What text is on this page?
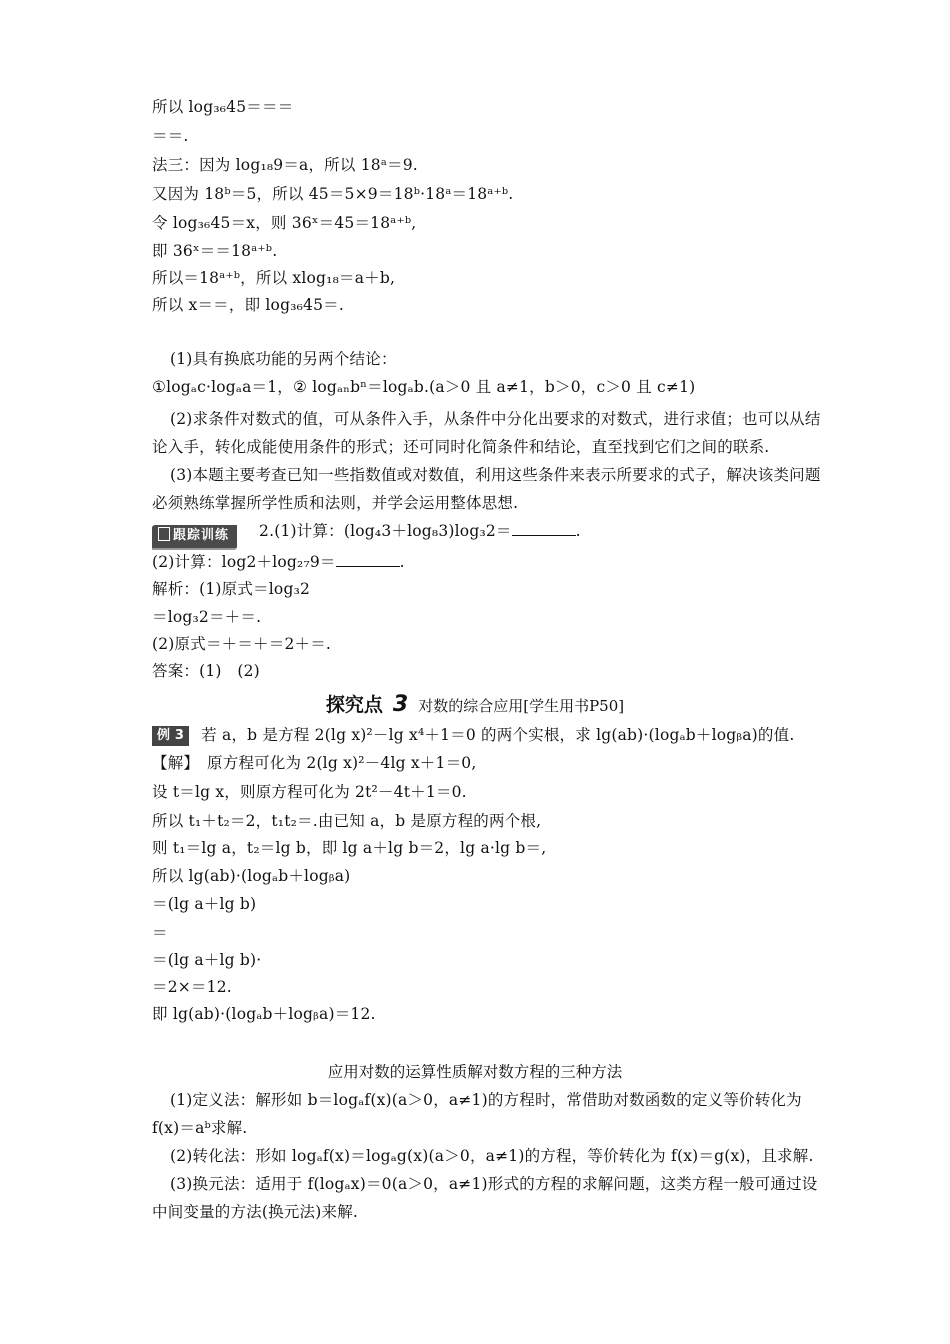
所以 log₃₆45＝＝＝
＝＝.
法三：因为 log₁₈9＝a，所以 18ᵃ＝9.
又因为 18ᵇ＝5，所以 45＝5×9＝18ᵇ·18ᵃ＝18ᵃ⁺ᵇ.
令 log₃₆45＝x，则 36ˣ＝45＝18ᵃ⁺ᵇ,
即 36ˣ＝＝18ᵃ⁺ᵇ.
所以＝18ᵃ⁺ᵇ，所以 xlog₁₈＝a＋b,
所以 x＝＝，即 log₃₆45＝.
(1)具有换底功能的另两个结论：
①logₐc·logₐa＝1，② logₐₙbⁿ＝logₐb.(a＞0 且 a≠1，b＞0，c＞0 且 c≠1)
(2)求条件对数式的值，可从条件入手，从条件中分化出要求的对数式，进行求值；也可以从结论入手，转化成能使用条件的形式；还可同时化简条件和结论，直至找到它们之间的联系.
(3)本题主要考查已知一些指数值或对数值，利用这些条件来表示所要求的式子，解决该类问题必须熟练掌握所学性质和法则，并学会运用整体思想.
跟踪训练 2.(1)计算：(log₄3＋log₈3)log₃2＝	.
(2)计算：log2＋log₂₇9＝	.
解析：(1)原式＝log₃2
＝log₃2＝＋＝.
(2)原式＝＋＝＋＝2＋＝.
答案：(1)　(2)
探究点 3 对数的综合应用[学生用书P50]
例 3 若 a，b 是方程 2(lg x)²－lg x⁴＋1＝0 的两个实根，求 lg(ab)·(logₐb＋logᵦa)的值.
【解】　原方程可化为 2(lg x)²－4lg x＋1＝0,
设 t＝lg x，则原方程可化为 2t²－4t＋1＝0.
所以 t₁＋t₂＝2，t₁t₂＝.由已知 a，b 是原方程的两个根,
则 t₁＝lg a，t₂＝lg b，即 lg a＋lg b＝2，lg a·lg b＝,
所以 lg(ab)·(logₐb＋logᵦa)
＝(lg a＋lg b)
＝
＝(lg a＋lg b)·
＝2×＝12.
即 lg(ab)·(logₐb＋logᵦa)＝12.
应用对数的运算性质解对数方程的三种方法
(1)定义法：解形如 b＝logₐf(x)(a＞0，a≠1)的方程时，常借助对数函数的定义等价转化为 f(x)＝aᵇ求解.
(2)转化法：形如 logₐf(x)＝logₐg(x)(a＞0，a≠1)的方程，等价转化为 f(x)＝g(x)，且求解.
(3)换元法：适用于 f(logₐx)＝0(a＞0，a≠1)形式的方程的求解问题，这类方程一般可通过设中间变量的方法(换元法)来解.
